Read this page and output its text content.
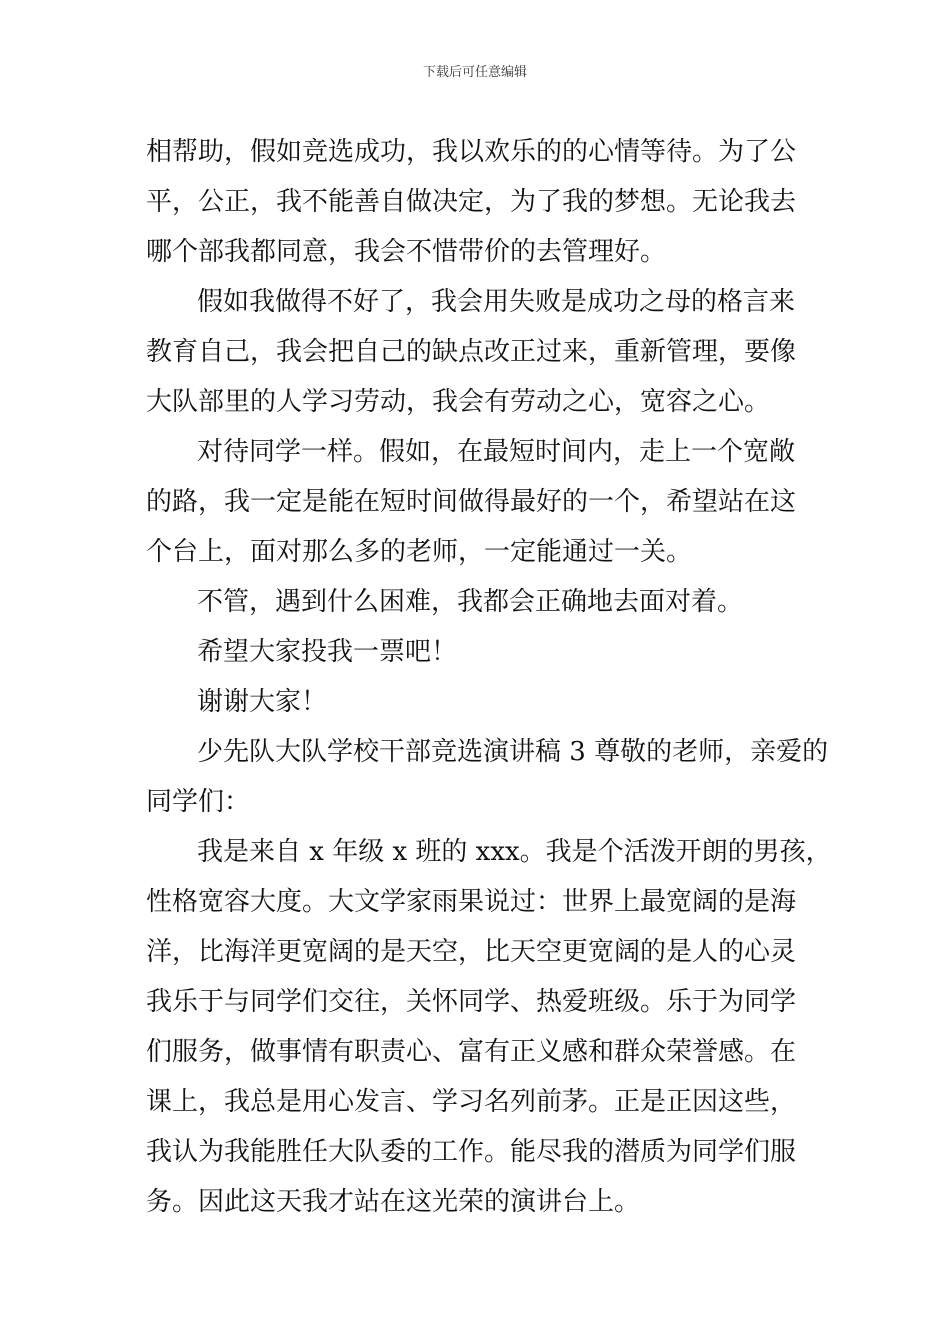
下载后可任意编辑
相帮助，假如竞选成功，我以欢乐的的心情等待。为了公
平，公正，我不能善自做决定，为了我的梦想。无论我去
哪个部我都同意，我会不惜带价的去管理好。
假如我做得不好了，我会用失败是成功之母的格言来
教育自己，我会把自己的缺点改正过来，重新管理，要像
大队部里的人学习劳动，我会有劳动之心，宽容之心。
对待同学一样。假如，在最短时间内，走上一个宽敞
的路，我一定是能在短时间做得最好的一个，希望站在这
个台上，面对那么多的老师，一定能通过一关。
不管，遇到什么困难，我都会正确地去面对着。
希望大家投我一票吧！
谢谢大家！
少先队大队学校干部竞选演讲稿 3 尊敬的老师，亲爱的
同学们：
我是来自 x 年级 x 班的 xxx。我是个活泼开朗的男孩，
性格宽容大度。大文学家雨果说过：世界上最宽阔的是海
洋，比海洋更宽阔的是天空，比天空更宽阔的是人的心灵
我乐于与同学们交往，关怀同学、热爱班级。乐于为同学
们服务，做事情有职责心、富有正义感和群众荣誉感。在
课上，我总是用心发言、学习名列前茅。正是正因这些，
我认为我能胜任大队委的工作。能尽我的潜质为同学们服
务。因此这天我才站在这光荣的演讲台上。
